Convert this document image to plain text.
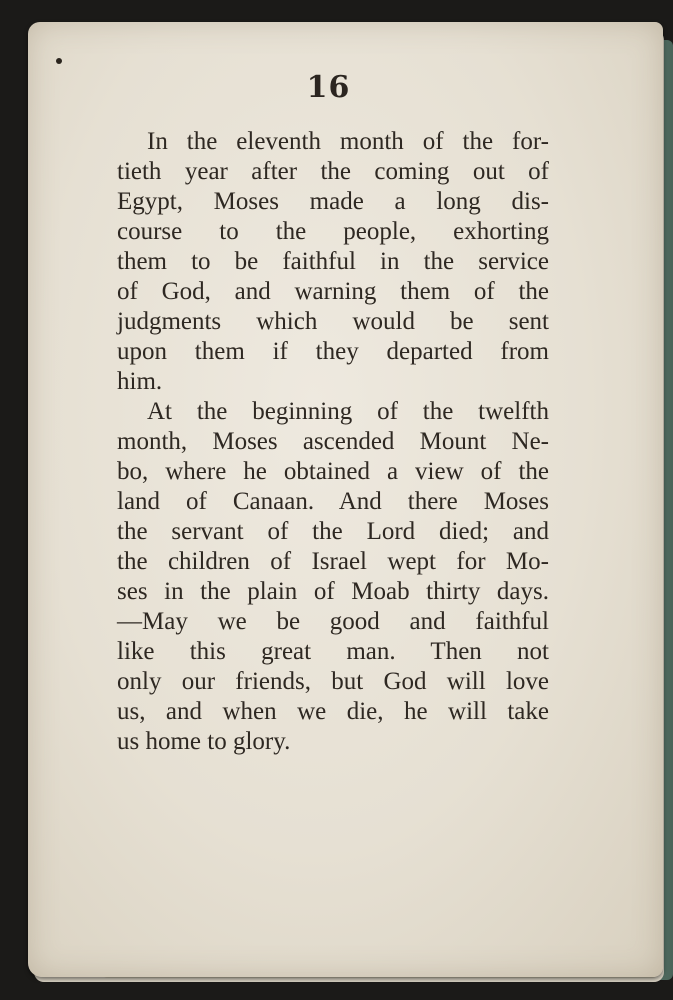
16
In the eleventh month of the for-
tieth year after the coming out of
Egypt, Moses made a long dis-
course to the people, exhorting
them to be faithful in the service
of God, and warning them of the
judgments which would be sent
upon them if they departed from
him.
At the beginning of the twelfth
month, Moses ascended Mount Ne-
bo, where he obtained a view of the
land of Canaan. And there Moses
the servant of the Lord died; and
the children of Israel wept for Mo-
ses in the plain of Moab thirty days.
—May we be good and faithful
like this great man. Then not
only our friends, but God will love
us, and when we die, he will take
us home to glory.
